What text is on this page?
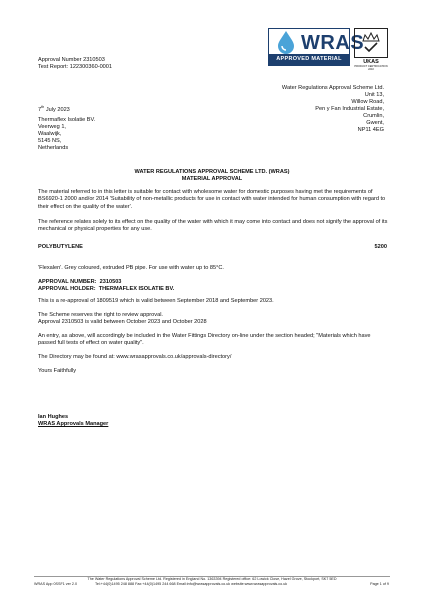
Approval Number 2310503
Test Report: 122300360-0001
WRAS
APPROVED MATERIAL	UKAS
PRODUCT CERTIFICATION
2210
Water Regulations Approval Scheme Ltd.
Unit 13,
Willow Road,
Pen y Fan Industrial Estate,
Crumlin,
Gwent,
NP11 4EG
7th July 2023
Thermaflex Isolatie BV.
Veerweg 1,
Waalwijk,
5145 NS,
Netherlands
WATER REGULATIONS APPROVAL SCHEME LTD. (WRAS)
MATERIAL APPROVAL
The material referred to in this letter is suitable for contact with wholesome water for domestic purposes having met the requirements of BS6920-1 2000 and/or 2014 'Suitability of non-metallic products for use in contact with water intended for human consumption with regard to their effect on the quality of the water'.
The reference relates solely to its effect on the quality of the water with which it may come into contact and does not signify the approval of its mechanical or physical properties for any use.
POLYBUTYLENE	5200
'Flexalen'. Grey coloured, extruded PB pipe. For use with water up to 85°C.
APPROVAL NUMBER: 2310503
APPROVAL HOLDER: THERMAFLEX ISOLATIE BV.
This is a re-approval of 1809519 which is valid between September 2018 and September 2023.
The Scheme reserves the right to review approval.
Approval 2310503 is valid between October 2023 and October 2028
An entry, as above, will accordingly be included in the Water Fittings Directory on-line under the section headed; "Materials which have passed full tests of effect on water quality".
The Directory may be found at: www.wrasapprovals.co.uk/approvals-directory/
Yours Faithfully
Ian Hughes
WRAS Approvals Manager
The Water Regulations Approval Scheme Ltd. Registered in England No. 1363394 Registered office: 62 Lowick Close, Hazel Grove, Stockport, SK7 5ED
WRAS App 0SSF1 ver 2.0	Tel:+44(0)1495 248 888 Fax:+44(0)1495 244 668 Email:info@wrasapprovals.co.uk website:www.wrasapprovals.co.uk	Page 1 of 9
